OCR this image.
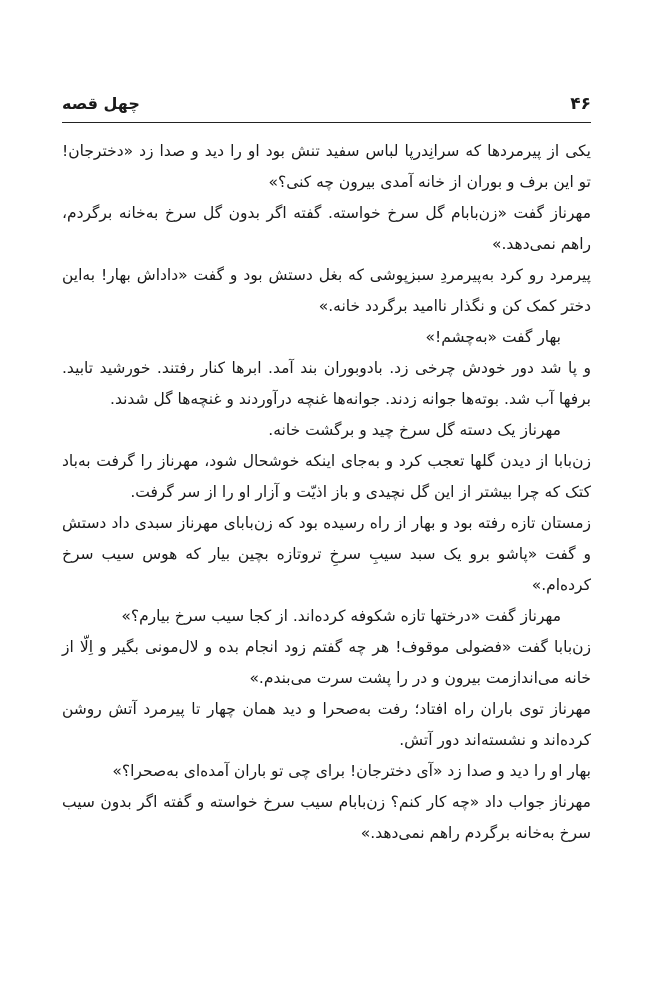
۴۶
چهل قصه

یکی از پیرمردها که سرانِدرپا لباس سفید تنش بود او را دید و صدا زد «دخترجان! تو این برف و بوران از خانه آمدی بیرون چه کنی؟»

مهرناز گفت «زن‌بابام گل سرخ خواسته. گفته اگر بدون گل سرخ به‌خانه برگردم، راهم نمی‌دهد.»

پیرمرد رو کرد به‌پیرمردِ سبزپوشی که بغل دستش بود و گفت «داداش بهار! به‌این دختر کمک کن و نگذار ناامید برگردد خانه.»

بهار گفت «به‌چشم!»

و پا شد دور خودش چرخی زد. بادوبوران بند آمد. ابرها کنار رفتند. خورشید تابید. برفها آب شد. بوته‌ها جوانه زدند. جوانه‌ها غنچه درآوردند و غنچه‌ها گل شدند.

مهرناز یک دسته گل سرخ چید و برگشت خانه.

زن‌بابا از دیدن گلها تعجب کرد و به‌جای اینکه خوشحال شود، مهرناز را گرفت به‌باد کتک که چرا بیشتر از این گل نچیدی و باز اذیّت و آزار او را از سر گرفت.

زمستان تازه رفته بود و بهار از راه رسیده بود که زن‌بابای مهرناز سبدی داد دستش و گفت «پاشو برو یک سبد سیبِ سرخِ تروتازه بچین بیار که هوس سیب سرخ کرده‌ام.»

مهرناز گفت «درختها تازه شکوفه کرده‌اند. از کجا سیب سرخ بیارم؟»

زن‌بابا گفت «فضولی موقوف! هر چه گفتم زود انجام بده و لال‌مونی بگیر و اِلّا از خانه می‌اندازمت بیرون و در را پشت سرت می‌بندم.»

مهرناز توی باران راه افتاد؛ رفت به‌صحرا و دید همان چهار تا پیرمرد آتش روشن کرده‌اند و نشسته‌اند دور آتش.

بهار او را دید و صدا زد «آی دخترجان! برای چی تو باران آمده‌ای به‌صحرا؟»

مهرناز جواب داد «چه کار کنم؟ زن‌بابام سیب سرخ خواسته و گفته اگر بدون سیب سرخ به‌خانه برگردم راهم نمی‌دهد.»
